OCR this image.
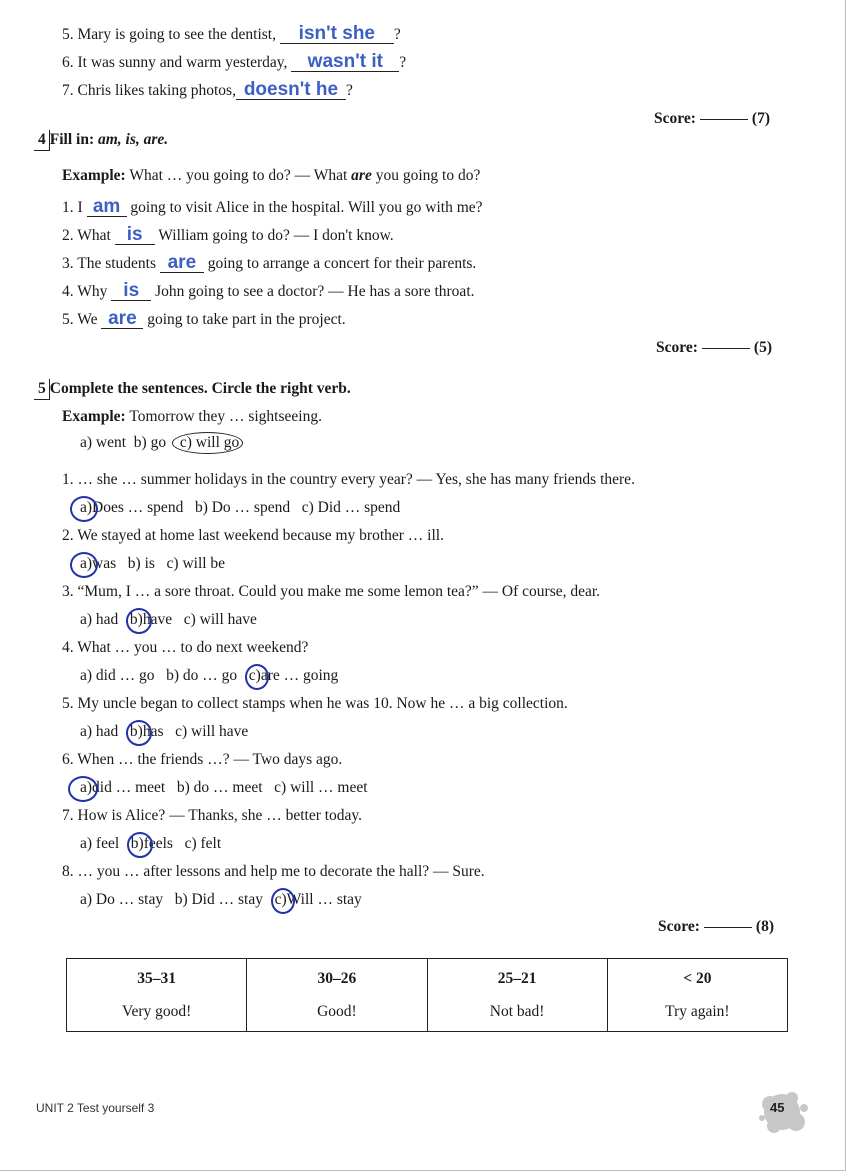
5. Mary is going to see the dentist, isn't she ?
6. It was sunny and warm yesterday, wasn't it ?
7. Chris likes taking photos, doesn't he ?
Score:	(7)
4 Fill in: am, is, are.
Example: What … you going to do? — What are you going to do?
1. I am going to visit Alice in the hospital. Will you go with me?
2. What is William going to do? — I don't know.
3. The students are going to arrange a concert for their parents.
4. Why is John going to see a doctor? — He has a sore throat.
5. We are going to take part in the project.
Score:	(5)
5 Complete the sentences. Circle the right verb.
Example: Tomorrow they … sightseeing.
a) went b) go c) will go
1. … she … summer holidays in the country every year? — Yes, she has many friends there.
a)Does … spend b) Do … spend c) Did … spend
2. We stayed at home last weekend because my brother … ill.
a)was b) is c) will be
3. “Mum, I … a sore throat. Could you make me some lemon tea?” — Of course, dear.
a) had b)have c) will have
4. What … you … to do next weekend?
a) did … go b) do … go c)are … going
5. My uncle began to collect stamps when he was 10. Now he … a big collection.
a) had b)has c) will have
6. When … the friends …? — Two days ago.
a)did … meet b) do … meet c) will … meet
7. How is Alice? — Thanks, she … better today.
a) feel b)feels c) felt
8. … you … after lessons and help me to decorate the hall? — Sure.
a) Do … stay b) Did … stay c)Will … stay
Score:	(8)
35–31	30–26	25–21	< 20
Very good!	Good!	Not bad!	Try again!
UNIT 2 Test yourself 3	45
